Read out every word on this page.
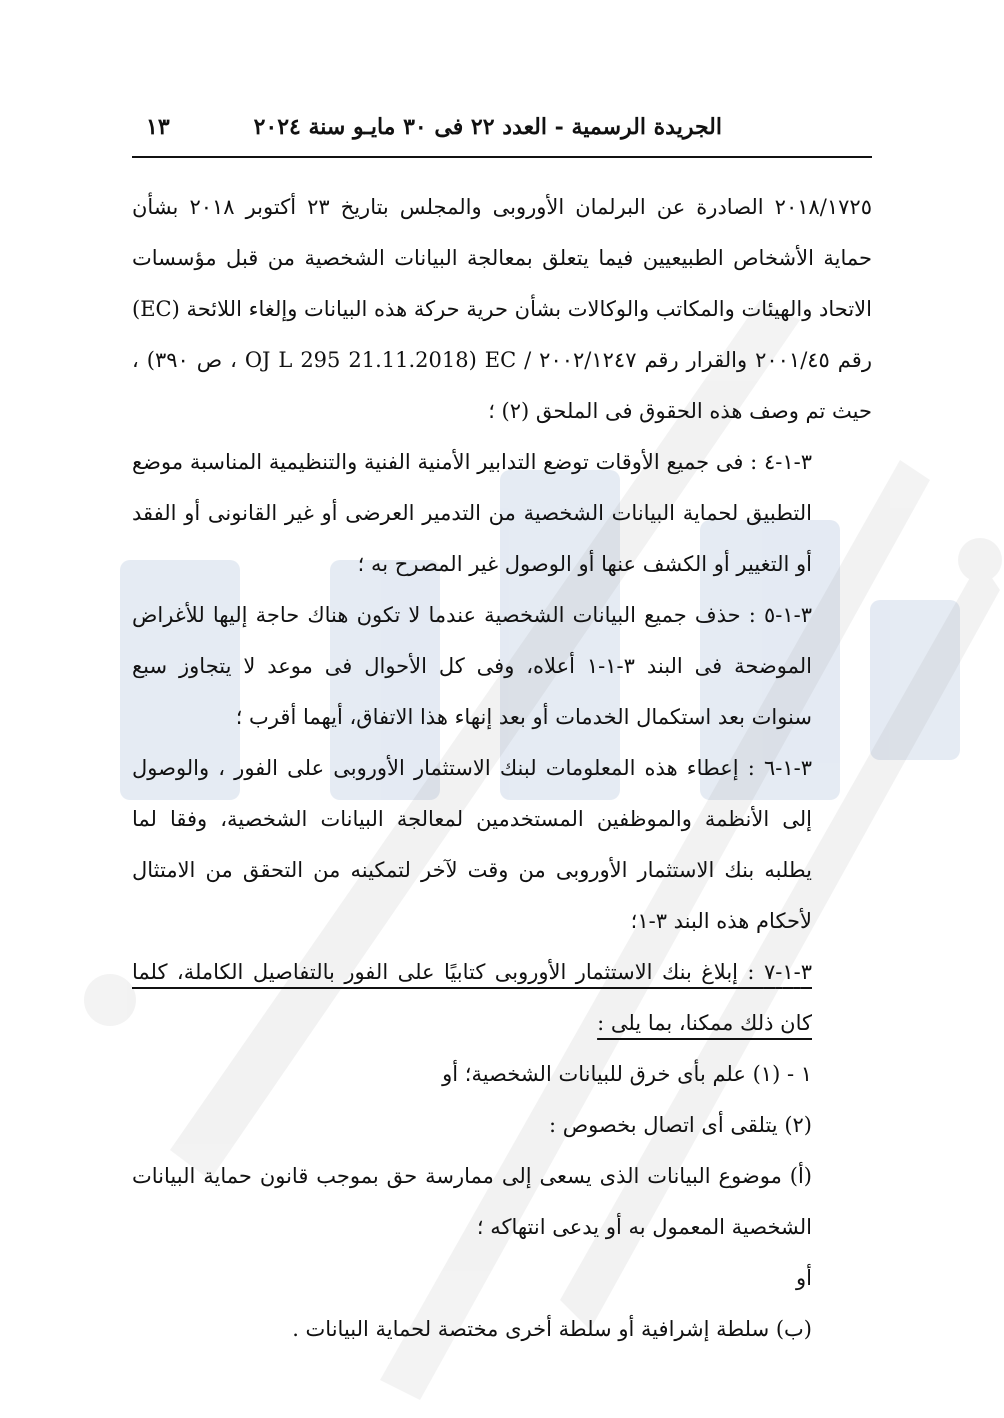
الجريدة الرسمية - العدد ٢٢ فى ٣٠ مايـو سنة ٢٠٢٤
١٣

٢٠١٨/١٧٢٥ الصادرة عن البرلمان الأوروبى والمجلس بتاريخ ٢٣ أكتوبر ٢٠١٨ بشأن حماية الأشخاص الطبيعيين فيما يتعلق بمعالجة البيانات الشخصية من قبل مؤسسات الاتحاد والهيئات والمكاتب والوكالات بشأن حرية حركة هذه البيانات وإلغاء اللائحة (EC) رقم ٢٠٠١/٤٥ والقرار رقم ٢٠٠٢/١٢٤٧ / EC (OJ L 295 21.11.2018 ، ص ٣٩٠) ، حيث تم وصف هذه الحقوق فى الملحق (٢) ؛

٣-١-٤ : فى جميع الأوقات توضع التدابير الأمنية الفنية والتنظيمية المناسبة موضع التطبيق لحماية البيانات الشخصية من التدمير العرضى أو غير القانونى أو الفقد أو التغيير أو الكشف عنها أو الوصول غير المصرح به ؛

٣-١-٥ : حذف جميع البيانات الشخصية عندما لا تكون هناك حاجة إليها للأغراض الموضحة فى البند ٣-١-١ أعلاه، وفى كل الأحوال فى موعد لا يتجاوز سبع سنوات بعد استكمال الخدمات أو بعد إنهاء هذا الاتفاق، أيهما أقرب ؛

٣-١-٦ : إعطاء هذه المعلومات لبنك الاستثمار الأوروبى على الفور ، والوصول إلى الأنظمة والموظفين المستخدمين لمعالجة البيانات الشخصية، وفقا لما يطلبه بنك الاستثمار الأوروبى من وقت لآخر لتمكينه من التحقق من الامتثال لأحكام هذه البند ٣-١؛

٣-١-٧ : إبلاغ بنك الاستثمار الأوروبى كتابيًا على الفور بالتفاصيل الكاملة، كلما كان ذلك ممكنا، بما يلى :

١ - (١) علم بأى خرق للبيانات الشخصية؛ أو

(٢) يتلقى أى اتصال بخصوص :

(أ) موضوع البيانات الذى يسعى إلى ممارسة حق بموجب قانون حماية البيانات الشخصية المعمول به أو يدعى انتهاكه ؛

أو

(ب) سلطة إشرافية أو سلطة أخرى مختصة لحماية البيانات .
